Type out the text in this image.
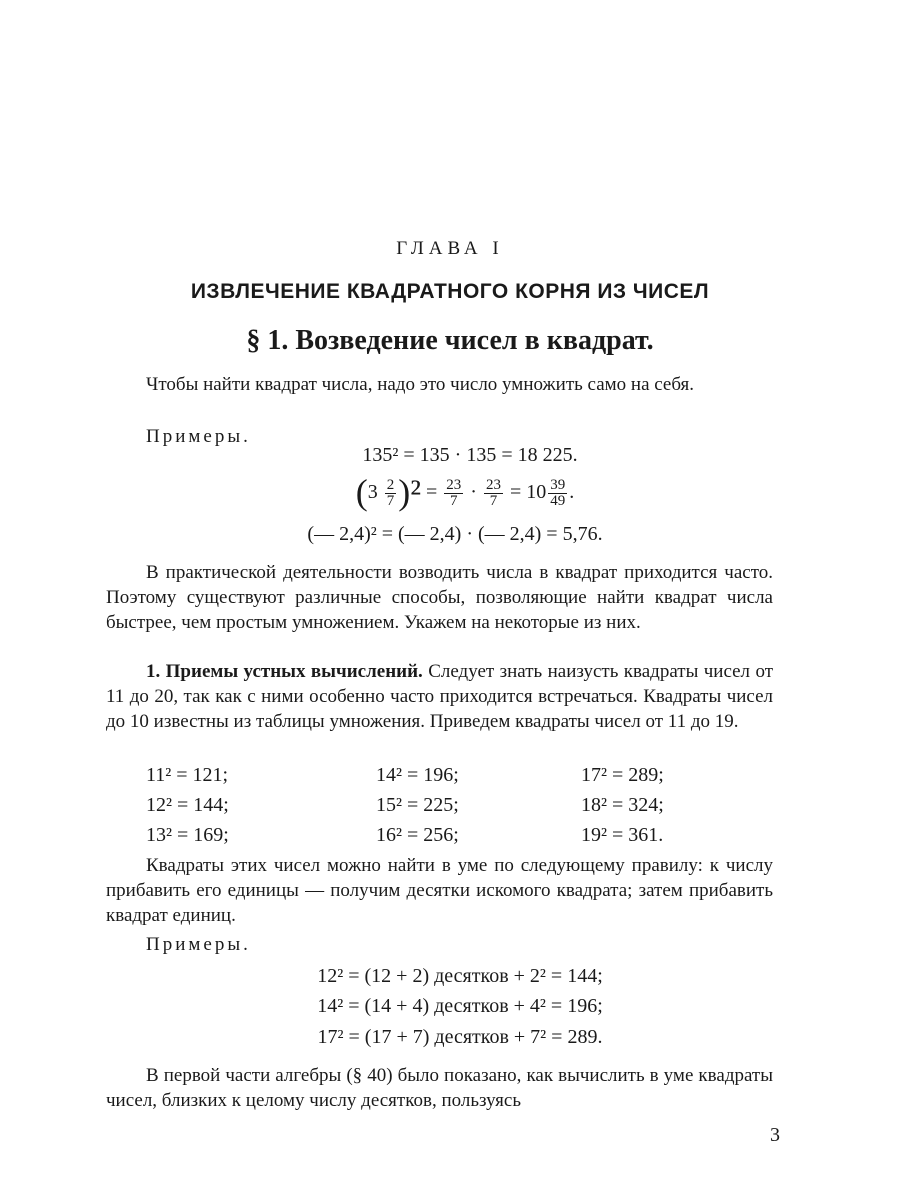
ГЛАВА I
ИЗВЛЕЧЕНИЕ КВАДРАТНОГО КОРНЯ ИЗ ЧИСЕЛ
§ 1. Возведение чисел в квадрат.
Чтобы найти квадрат числа, надо это число умножить само на себя.
Примеры.
135² = 135 · 135 = 18 225.
$(3 \frac{2}{7} )^2 = \frac{23}{7} \cdot \frac{23}{7} = 10 \frac{39}{49}$ .
(— 2,4)² = (— 2,4) · (— 2,4) = 5,76.
В практической деятельности возводить числа в квадрат приходится часто. Поэтому существуют различные способы, позволяющие найти квадрат числа быстрее, чем простым умножением. Укажем на некоторые из них.
1. Приемы устных вычислений. Следует знать наизусть квадраты чисел от 11 до 20, так как с ними особенно часто приходится встречаться. Квадраты чисел до 10 известны из таблицы умножения. Приведем квадраты чисел от 11 до 19.
11² = 121;	14² = 196;	17² = 289;
12² = 144;	15² = 225;	18² = 324;
13² = 169;	16² = 256;	19² = 361.
Квадраты этих чисел можно найти в уме по следующему правилу: к числу прибавить его единицы — получим десятки искомого квадрата; затем прибавить квадрат единиц.
Примеры.
12² = (12 + 2) десятков + 2² = 144;
14² = (14 + 4) десятков + 4² = 196;
17² = (17 + 7) десятков + 7² = 289.
В первой части алгебры (§ 40) было показано, как вычислить в уме квадраты чисел, близких к целому числу десятков, пользуясь
3
